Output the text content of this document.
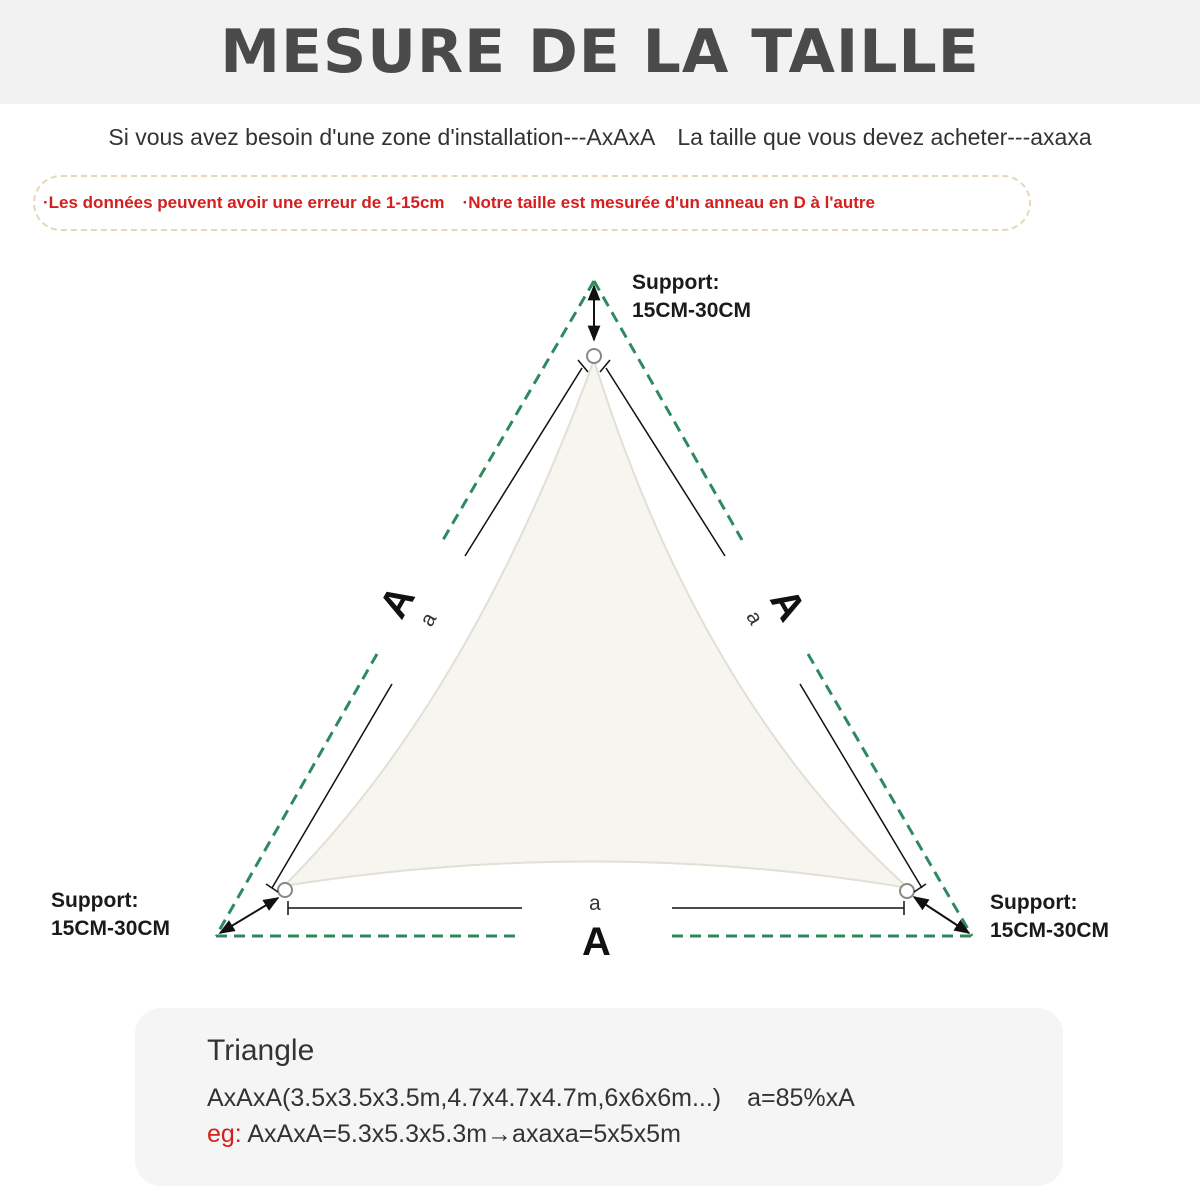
MESURE DE LA TAILLE
Si vous avez besoin d'une zone d'installation---AxAxA La taille que vous devez acheter---axaxa
·Les données peuvent avoir une erreur de 1-15cm ·Notre taille est mesurée d'un anneau en D à l'autre
Support:
15CM-30CM
Support:
15CM-30CM
Support:
15CM-30CM
A
a	A
a
a
A
Triangle
AxAxA(3.5x3.5x3.5m,4.7x4.7x4.7m,6x6x6m...) a=85%xA
eg: AxAxA=5.3x5.3x5.3m→axaxa=5x5x5m
